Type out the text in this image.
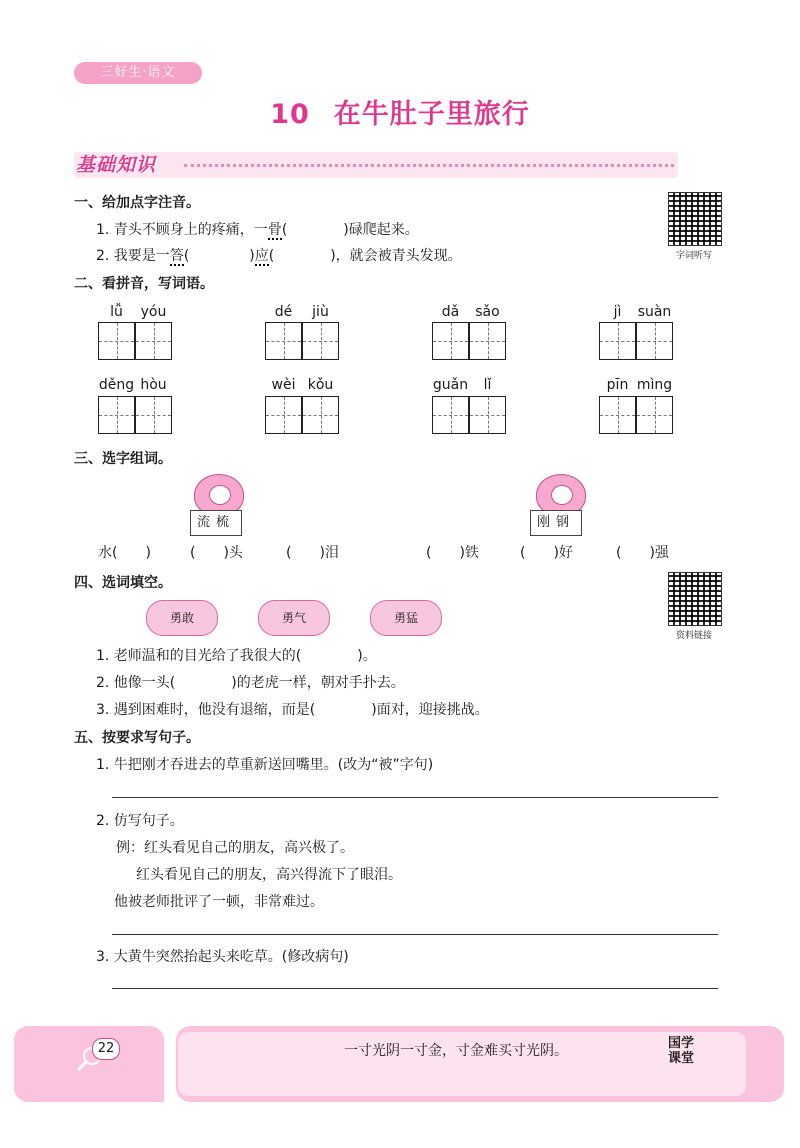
三好生·语文
10 在牛肚子里旅行
基础知识
字词听写
资料链接
一、给加点字注音。
1. 青头不顾身上的疼痛，一骨(	)碌爬起来。
2. 我要是一答(	)应(	)，就会被青头发现。
二、看拼音，写词语。
lǚ	yóu	dé	jiù	dǎ	sǎo	jì	suàn
děng hòu	wèi kǒu	guǎn	lǐ	pīn mìng
三、选字组词。
流梳	刚钢
水(　　)	(　　)头	(　　)泪	(　　)铁	(　　)好	(　　)强
四、选词填空。
勇敢	勇气	勇猛
1. 老师温和的目光给了我很大的(　　　　)。
2. 他像一头(　　　　)的老虎一样，朝对手扑去。
3. 遇到困难时，他没有退缩，而是(　　　　)面对，迎接挑战。
五、按要求写句子。
1. 牛把刚才吞进去的草重新送回嘴里。(改为“被”字句)
2. 仿写句子。
例：红头看见自己的朋友，高兴极了。
红头看见自己的朋友，高兴得流下了眼泪。
他被老师批评了一顿，非常难过。
3. 大黄牛突然抬起头来吃草。(修改病句)
22	一寸光阴一寸金，寸金难买寸光阴。	国学课堂
